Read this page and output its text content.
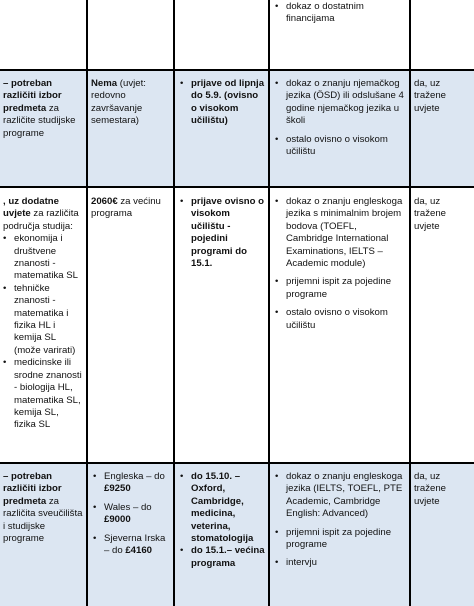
• dokaz o dostatnim financijama
– potreban različiti izbor predmeta za različite studijske programe
Nema (uvjet: redovno završavanje semestara)
• prijave od lipnja do 5.9. (ovisno o visokom učilištu)
• dokaz o znanju njemačkog jezika (ÖSD) ili odslušane 4 godine njemačkog jezika u školi
• ostalo ovisno o visokom učilištu
da, uz tražene uvjete
, uz dodatne uvjete za različita područja studija:
• ekonomija i društvene znanosti - matematika SL
• tehničke znanosti - matematika i fizika HL i kemija SL (može varirati)
• medicinske ili srodne znanosti - biologija HL, matematika SL, kemija SL, fizika SL
2060€ za većinu programa
• prijave ovisno o visokom učilištu - pojedini programi do 15.1.
• dokaz o znanju engleskoga jezika s minimalnim brojem bodova (TOEFL, Cambridge International Examinations, IELTS – Academic module)
• prijemni ispit za pojedine programe
• ostalo ovisno o visokom učilištu
da, uz tražene uvjete
– potreban različiti izbor predmeta za različita sveučilišta i studijske programe
• Engleska – do £9250
• Wales – do £9000
• Sjeverna Irska – do £4160
• do 15.10. – Oxford, Cambridge, medicina, veterina, stomatologija
• do 15.1.– većina programa
• dokaz o znanju engleskoga jezika (IELTS, TOEFL, PTE Academic, Cambridge English: Advanced)
• prijemni ispit za pojedine programe
• intervju
da, uz tražene uvjete
